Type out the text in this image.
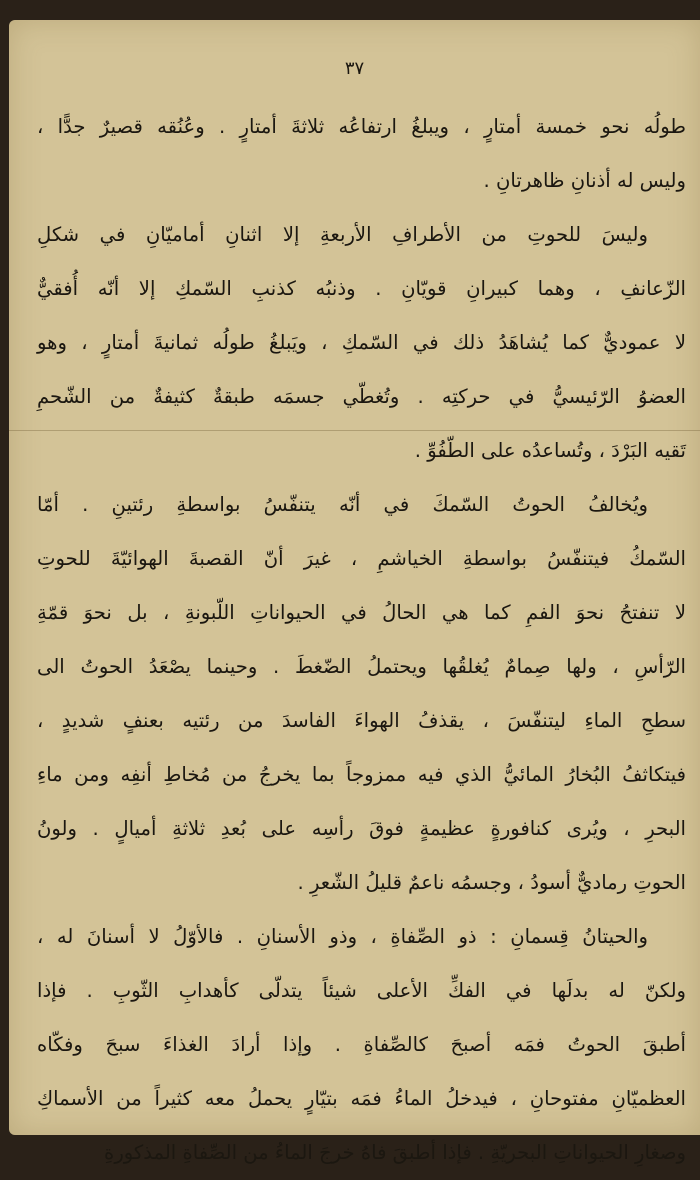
٣٧
طولُه نحو خمسة أمتارٍ ، ويبلغُ ارتفاعُه ثلاثةَ أمتارٍ . وعُنُقه قصيرٌ جدًّا ،
وليس له أذنانِ ظاهرتانِ .
وليسَ للحوتِ من الأطرافِ الأربعةِ إلا اثنانِ أماميّانِ في شكلِ
الزّعانفِ ، وهما كبيرانِ قويّانِ . وذنبُه كذنبِ السّمكِ إلا أنّه أُفقيٌّ
لا عموديٌّ كما يُشاهَدُ ذلك في السّمكِ ، ويَبلغُ طولُه ثمانيةَ أمتارٍ ، وهو
العضوُ الرّئيسيُّ في حركتِه . وتُغطّي جسمَه طبقةٌ كثيفةٌ من الشّحمِ
تَقيه البَرْدَ ، وتُساعدُه على الطّفُوِّ .
ويُخالفُ الحوتُ السّمكَ في أنّه يتنفّسُ بواسطةِ رئتينِ . أمّا
السّمكُ فيتنفّسُ بواسطةِ الخياشمِ ، غيرَ أنّ القصبةَ الهوائيّةَ للحوتِ
لا تنفتحُ نحوَ الفمِ كما هي الحالُ في الحيواناتِ اللّبونةِ ، بل نحوَ قمّةِ
الرّأسِ ، ولها صِمامٌ يُغلقُها ويحتملُ الضّغطَ . وحينما يصْعَدُ الحوتُ الى
سطحِ الماءِ ليتنفّسَ ، يقذفُ الهواءَ الفاسدَ من رئتيه بعنفٍ شديدٍ ،
فيتكاثفُ البُخارُ المائيُّ الذي فيه ممزوجاً بما يخرجُ من مُخاطِ أنفِه ومن ماءِ
البحرِ ، ويُرى كنافورةٍ عظيمةٍ فوقَ رأسِه على بُعدِ ثلاثةِ أميالٍ . ولونُ
الحوتِ رماديٌّ أسودُ ، وجسمُه ناعمٌ قليلُ الشّعرِ .
والحيتانُ قِسمانِ : ذو الصِّفاةِ ، وذو الأسنانِ . فالأوّلُ لا أسنانَ له ،
ولكنّ له بدلَها في الفكِّ الأعلى شيئاً يتدلّى كأهدابِ الثّوبِ . فإذا
أطبقَ الحوتُ فمَه أصبحَ كالصِّفاةِ . وإذا أرادَ الغذاءَ سبحَ وفكّاه
العظميّانِ مفتوحانِ ، فيدخلُ الماءُ فمَه بتيّارٍ يحملُ معه كثيراً من الأسماكِ
وصغارِ الحيواناتِ البحريّةِ . فإذا أطبقَ فاهُ خرجَ الماءُ من الصِّفاةِ المذكورةِ
